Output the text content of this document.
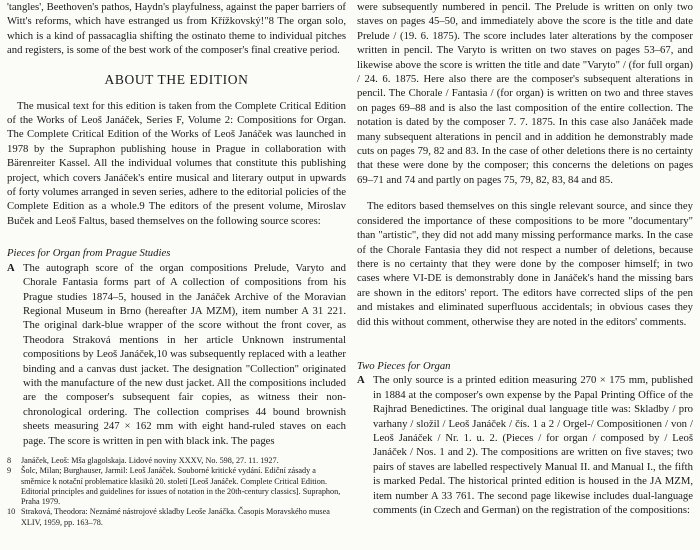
'tangles', Beethoven's pathos, Haydn's playfulness, against the paper barriers of Witt's reforms, which have estranged us from Křížkovský!"8 The organ solo, which is a kind of passacaglia shifting the ostinato theme to individual pitches and registers, is some of the best work of the composer's final creative period.

ABOUT THE EDITION

The musical text for this edition is taken from the Complete Critical Edition of the Works of Leoš Janáček, Series F, Volume 2: Compositions for Organ. The Complete Critical Edition of the Works of Leoš Janáček was launched in 1978 by the Supraphon publishing house in Prague in collaboration with Bärenreiter Kassel. All the individual volumes that constitute this publishing project, which covers Janáček's entire musical and literary output in upwards of forty volumes arranged in seven series, adhere to the editorial policies of the Complete Edition as a whole.9 The editors of the present volume, Miroslav Buček and Leoš Faltus, based themselves on the following source scores:

Pieces for Organ from Prague Studies

A The autograph score of the organ compositions Prelude, Varyto and Chorale Fantasia forms part of A collection of compositions from his Prague studies 1874–5, housed in the Janáček Archive of the Moravian Regional Museum in Brno (hereafter JA MZM), item number A 31 221. The original dark-blue wrapper of the score without the front cover, as Theodora Straková mentions in her article Unknown instrumental compositions by Leoš Janáček,10 was subsequently replaced with a leather binding and a canvas dust jacket. The designation "Collection" originated with the manufacture of the new dust jacket. All the compositions included are the composer's subsequent fair copies, as witness their non-chronological ordering. The collection comprises 44 bound brownish sheets measuring 247 × 162 mm with eight hand-ruled staves on each page. The score is written in pen with black ink. The pages

8 Janáček, Leoš: Mša glagolskaja. Lidové noviny XXXV, No. 598, 27. 11. 1927.
9 Šolc, Milan; Burghauser, Jarmil: Leoš Janáček. Souborné kritické vydání. Ediční zásady a směrnice k notační problematice klasiků 20. století [Leoš Janáček. Complete Critical Edition. Editorial principles and guidelines for issues of notation in the 20th-century classics]. Supraphon, Praha 1979.
10 Straková, Theodora: Neznámé nástrojové skladby Leoše Janáčka. Časopis Moravského musea XLIV, 1959, pp. 163–78.

were subsequently numbered in pencil. The Prelude is written on only two staves on pages 45–50, and immediately above the score is the title and date Prelude / (19. 6. 1875). The score includes later alterations by the composer written in pencil. The Varyto is written on two staves on pages 53–67, and likewise above the score is written the title and date "Varyto" / (for full organ) / 24. 6. 1875. Here also there are the composer's subsequent alterations in pencil. The Chorale / Fantasia / (for organ) is written on two and three staves on pages 69–88 and is also the last composition of the entire collection. The notation is dated by the composer 7. 7. 1875. In this case also Janáček made many subsequent alterations in pencil and in addition he demonstrably made cuts on pages 79, 82 and 83. In the case of other deletions there is no certainty that these were done by the composer; this concerns the deletions on pages 69–71 and 74 and partly on pages 75, 79, 82, 83, 84 and 85.

The editors based themselves on this single relevant source, and since they considered the importance of these compositions to be more "documentary" than "artistic", they did not add many missing performance marks. In the case of the Chorale Fantasia they did not respect a number of deletions, because there is no certainty that they were done by the composer himself; in two cases where VI-DE is demonstrably done in Janáček's hand the missing bars are shown in the editors' report. The editors have corrected slips of the pen and mistakes and eliminated superfluous accidentals; in obvious cases they did this without comment, otherwise they are noted in the editors' comments.

Two Pieces for Organ

A The only source is a printed edition measuring 270 × 175 mm, published in 1884 at the composer's own expense by the Papal Printing Office of the Rajhrad Benedictines. The original dual language title was: Skladby / pro varhany / složil / Leoš Janáček / čís. 1 a 2 / Orgel-/ Compositionen / von / Leoš Janáček / Nr. 1. u. 2. (Pieces / for organ / composed by / Leoš Janáček / Nos. 1 and 2). The compositions are written on five staves; two pairs of staves are labelled respectively Manual II. and Manual I., the fifth is marked Pedal. The historical printed edition is housed in the JA MZM, item number A 33 761. The second page likewise includes dual-language comments (in Czech and German) on the registration of the compositions:
